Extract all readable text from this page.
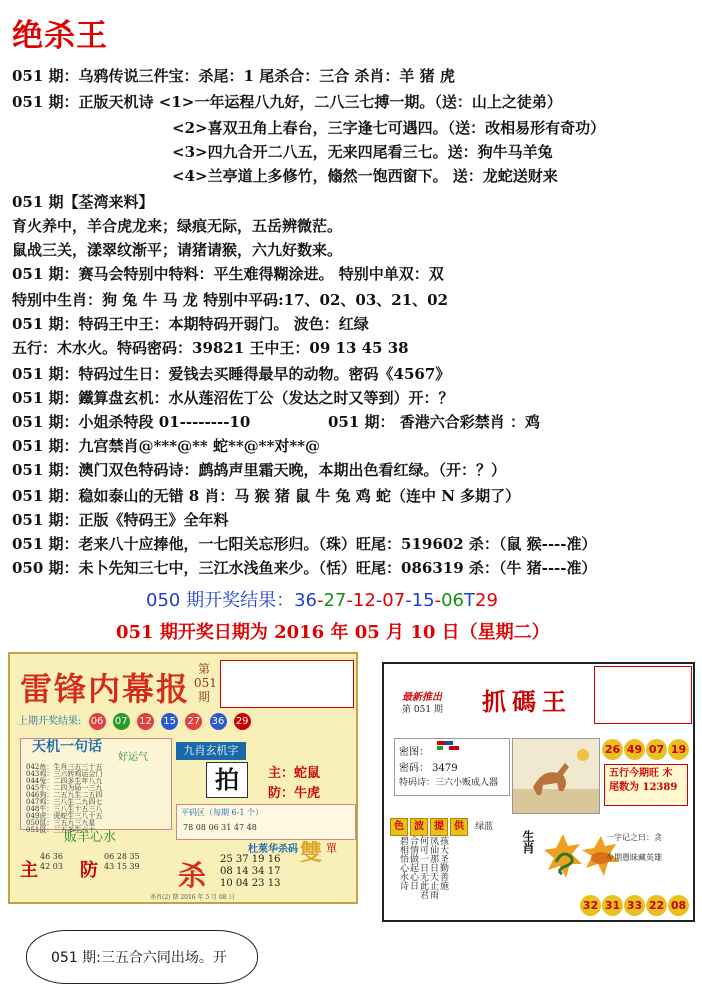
绝杀王
051 期：乌鸦传说三件宝：杀尾：1 尾杀合：三合 杀肖：羊 猪 虎
051 期：正版天机诗 <1>一年运程八九好，二八三七搏一期。（送：山上之徒弟）
<2>喜双丑角上春台，三字逢七可遇四。（送：改相易形有奇功）
<3>四九合开二八五，无来四尾看三七。送：狗牛马羊兔
<4>兰亭道上多修竹，翛然一饱西窗下。 送：龙蛇送财来
051 期【荃湾来料】
育火养中，羊合虎龙来；绿痕无际，五岳辨微茫。
鼠战三关，漾翠纹渐平；请猪请猴，六九好数来。
051 期：赛马会特别中特料：平生难得糊涂进。 特别中单双：双
特别中生肖：狗 兔 牛 马 龙 特别中平码:17、02、03、21、02
051 期：特码王中王：本期特码开弱门。 波色：红绿
五行：木水火。特码密码：39821 王中王：09 13 45 38
051 期：特码过生日：爱钱去买睡得最早的动物。密码《4567》
051 期：鐵算盘玄机：水从莲沼佐丁公（发达之时又等到）开：？
051 期：小姐杀特段 01--------10	051 期： 香港六合彩禁肖 ：鸡
051 期：九宫禁肖@***@** 蛇**@**对**@
051 期：澳门双色特码诗：鹧鸪声里霜天晚，本期出色看红绿。（开：？）
051 期：稳如泰山的无错 8 肖：马 猴 猪 鼠 牛 兔 鸡 蛇（连中 N 多期了）
051 期：正版《特码王》全年料
051 期：老来八十应捧他，一七阳关忘形归。（珠）旺尾：519602 杀：（鼠 猴----准）
050 期：未卜先知三七中，三江水浅鱼来少。（恬）旺尾：086319 杀：（牛 猪----准）
050 期开奖结果：36-27-12-07-15-06T29
051 期开奖日期为 2016 年 05 月 10 日（星期二）
雷锋内幕报
第 051 期
上期开奖结果: 06 07 12 15 27 36 29
天机一句话
好运气
042鱼：生肖三五三十五
043鸡：三六转鸡运会门
044兔：二四多生年八九
045牛：二四为局一三九
046狗：二五九生二五四
047鸡：三八生二九四七
048牛：三八生十五三八
049虎：虎蛇生三八十五
050鼠：三五九三九星
051鼠：三五多生六十
九肖玄机字
拍	主：蛇鼠
防：牛虎
平码区（每期 6-1 个）
78 08 06 31 47 48
雙 單
販羊心水
主
46 36
42 03 防
06 28 35
43 15 39 杀
杜萊华杀码
25 37 19 16
08 14 34 17
10 04 23 13
杀肖(2) 期 2016 年 5 月 08 日
最新推出
第 051 期 抓碼王
密图：
密码： 3479
特码诗：三六小贩成人器
26 49 07 19
五行今期旺 木
尾数为 12389
色 波 提 供 绿蓝
孩大圣勤善施
凤仙那日天止雨
何可一日无此君
合情做起心日
碧相悟心水诗	生肖	一字记之曰：贪
今期愚昧藏英雄
32 31 33 22 08
051 期:三五合六同出场。开
